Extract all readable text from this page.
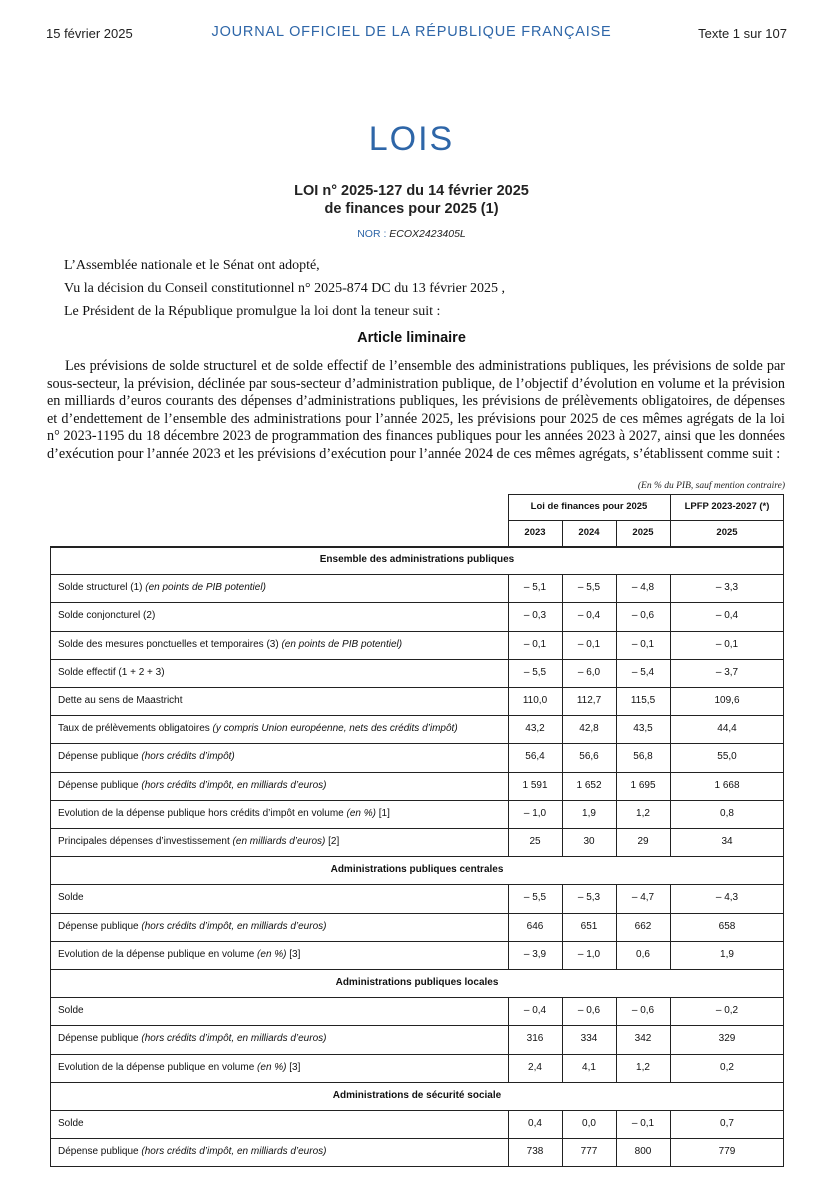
15 février 2025	JOURNAL OFFICIEL DE LA RÉPUBLIQUE FRANÇAISE	Texte 1 sur 107
LOIS
LOI n° 2025-127 du 14 février 2025
de finances pour 2025 (1)
NOR : ECOX2423405L
L’Assemblée nationale et le Sénat ont adopté,
Vu la décision du Conseil constitutionnel n° 2025-874 DC du 13 février 2025 ,
Le Président de la République promulgue la loi dont la teneur suit :
Article liminaire
Les prévisions de solde structurel et de solde effectif de l’ensemble des administrations publiques, les prévisions de solde par sous-secteur, la prévision, déclinée par sous-secteur d’administration publique, de l’objectif d’évolution en volume et la prévision en milliards d’euros courants des dépenses d’administrations publiques, les prévisions de prélèvements obligatoires, de dépenses et d’endettement de l’ensemble des administrations pour l’année 2025, les prévisions pour 2025 de ces mêmes agrégats de la loi n° 2023-1195 du 18 décembre 2023 de programmation des finances publiques pour les années 2023 à 2027, ainsi que les données d’exécution pour l’année 2023 et les prévisions d’exécution pour l’année 2024 de ces mêmes agrégats, s’établissent comme suit :
(En % du PIB, sauf mention contraire)
Loi de finances pour 2025	LPFP 2023-2027 (*)
2023	2024	2025	2025
Ensemble des administrations publiques
Solde structurel (1) (en points de PIB potentiel)	– 5,1	– 5,5	– 4,8	– 3,3
Solde conjoncturel (2)	– 0,3	– 0,4	– 0,6	– 0,4
Solde des mesures ponctuelles et temporaires (3) (en points de PIB potentiel)	– 0,1	– 0,1	– 0,1	– 0,1
Solde effectif (1 + 2 + 3)	– 5,5	– 6,0	– 5,4	– 3,7
Dette au sens de Maastricht	110,0	112,7	115,5	109,6
Taux de prélèvements obligatoires (y compris Union européenne, nets des crédits d’impôt)	43,2	42,8	43,5	44,4
Dépense publique (hors crédits d’impôt)	56,4	56,6	56,8	55,0
Dépense publique (hors crédits d’impôt, en milliards d’euros)	1 591	1 652	1 695	1 668
Evolution de la dépense publique hors crédits d’impôt en volume (en %) [1]	– 1,0	1,9	1,2	0,8
Principales dépenses d’investissement (en milliards d’euros) [2]	25	30	29	34
Administrations publiques centrales
Solde	– 5,5	– 5,3	– 4,7	– 4,3
Dépense publique (hors crédits d’impôt, en milliards d’euros)	646	651	662	658
Evolution de la dépense publique en volume (en %) [3]	– 3,9	– 1,0	0,6	1,9
Administrations publiques locales
Solde	– 0,4	– 0,6	– 0,6	– 0,2
Dépense publique (hors crédits d’impôt, en milliards d’euros)	316	334	342	329
Evolution de la dépense publique en volume (en %) [3]	2,4	4,1	1,2	0,2
Administrations de sécurité sociale
Solde	0,4	0,0	– 0,1	0,7
Dépense publique (hors crédits d’impôt, en milliards d’euros)	738	777	800	779
